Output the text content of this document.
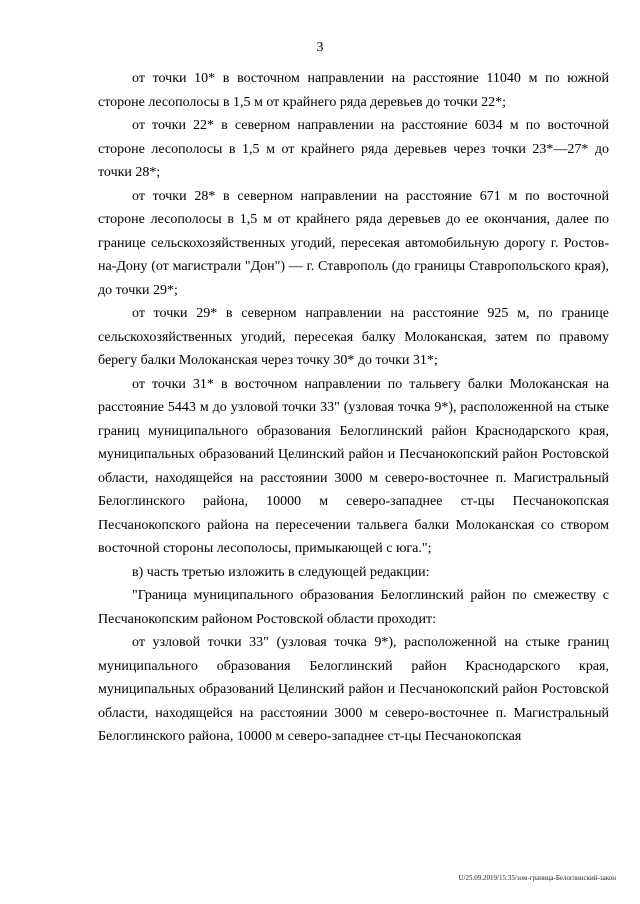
3

от точки 10* в восточном направлении на расстояние 11040 м по южной стороне лесополосы в 1,5 м от крайнего ряда деревьев до точки 22*;

от точки 22* в северном направлении на расстояние 6034 м по восточной стороне лесополосы в 1,5 м от крайнего ряда деревьев через точки 23*—27* до точки 28*;

от точки 28* в северном направлении на расстояние 671 м по восточной стороне лесополосы в 1,5 м от крайнего ряда деревьев до ее окончания, далее по границе сельскохозяйственных угодий, пересекая автомобильную дорогу г. Ростов-на-Дону (от магистрали "Дон") — г. Ставрополь (до границы Ставропольского края), до точки 29*;

от точки 29* в северном направлении на расстояние 925 м, по границе сельскохозяйственных угодий, пересекая балку Молоканская, затем по правому берегу балки Молоканская через точку 30* до точки 31*;

от точки 31* в восточном направлении по тальвегу балки Молоканская на расстояние 5443 м до узловой точки 33" (узловая точка 9*), расположенной на стыке границ муниципального образования Белоглинский район Краснодарского края, муниципальных образований Целинский район и Песчанокопский район Ростовской области, находящейся на расстоянии 3000 м северо-восточнее п. Магистральный Белоглинского района, 10000 м северо-западнее ст-цы Песчанокопская Песчанокопского района на пересечении тальвега балки Молоканская со створом восточной стороны лесополосы, примыкающей с юга.";

в) часть третью изложить в следующей редакции:

"Граница муниципального образования Белоглинский район по смежеству с Песчанокопским районом Ростовской области проходит:

от узловой точки 33" (узловая точка 9*), расположенной на стыке границ муниципального образования Белоглинский район Краснодарского края, муниципальных образований Целинский район и Песчанокопский район Ростовской области, находящейся на расстоянии 3000 м северо-восточнее п. Магистральный Белоглинского района, 10000 м северо-западнее ст-цы Песчанокопская

U/25.09.2019/15:35/зом-граница-Белоглинский-закон
